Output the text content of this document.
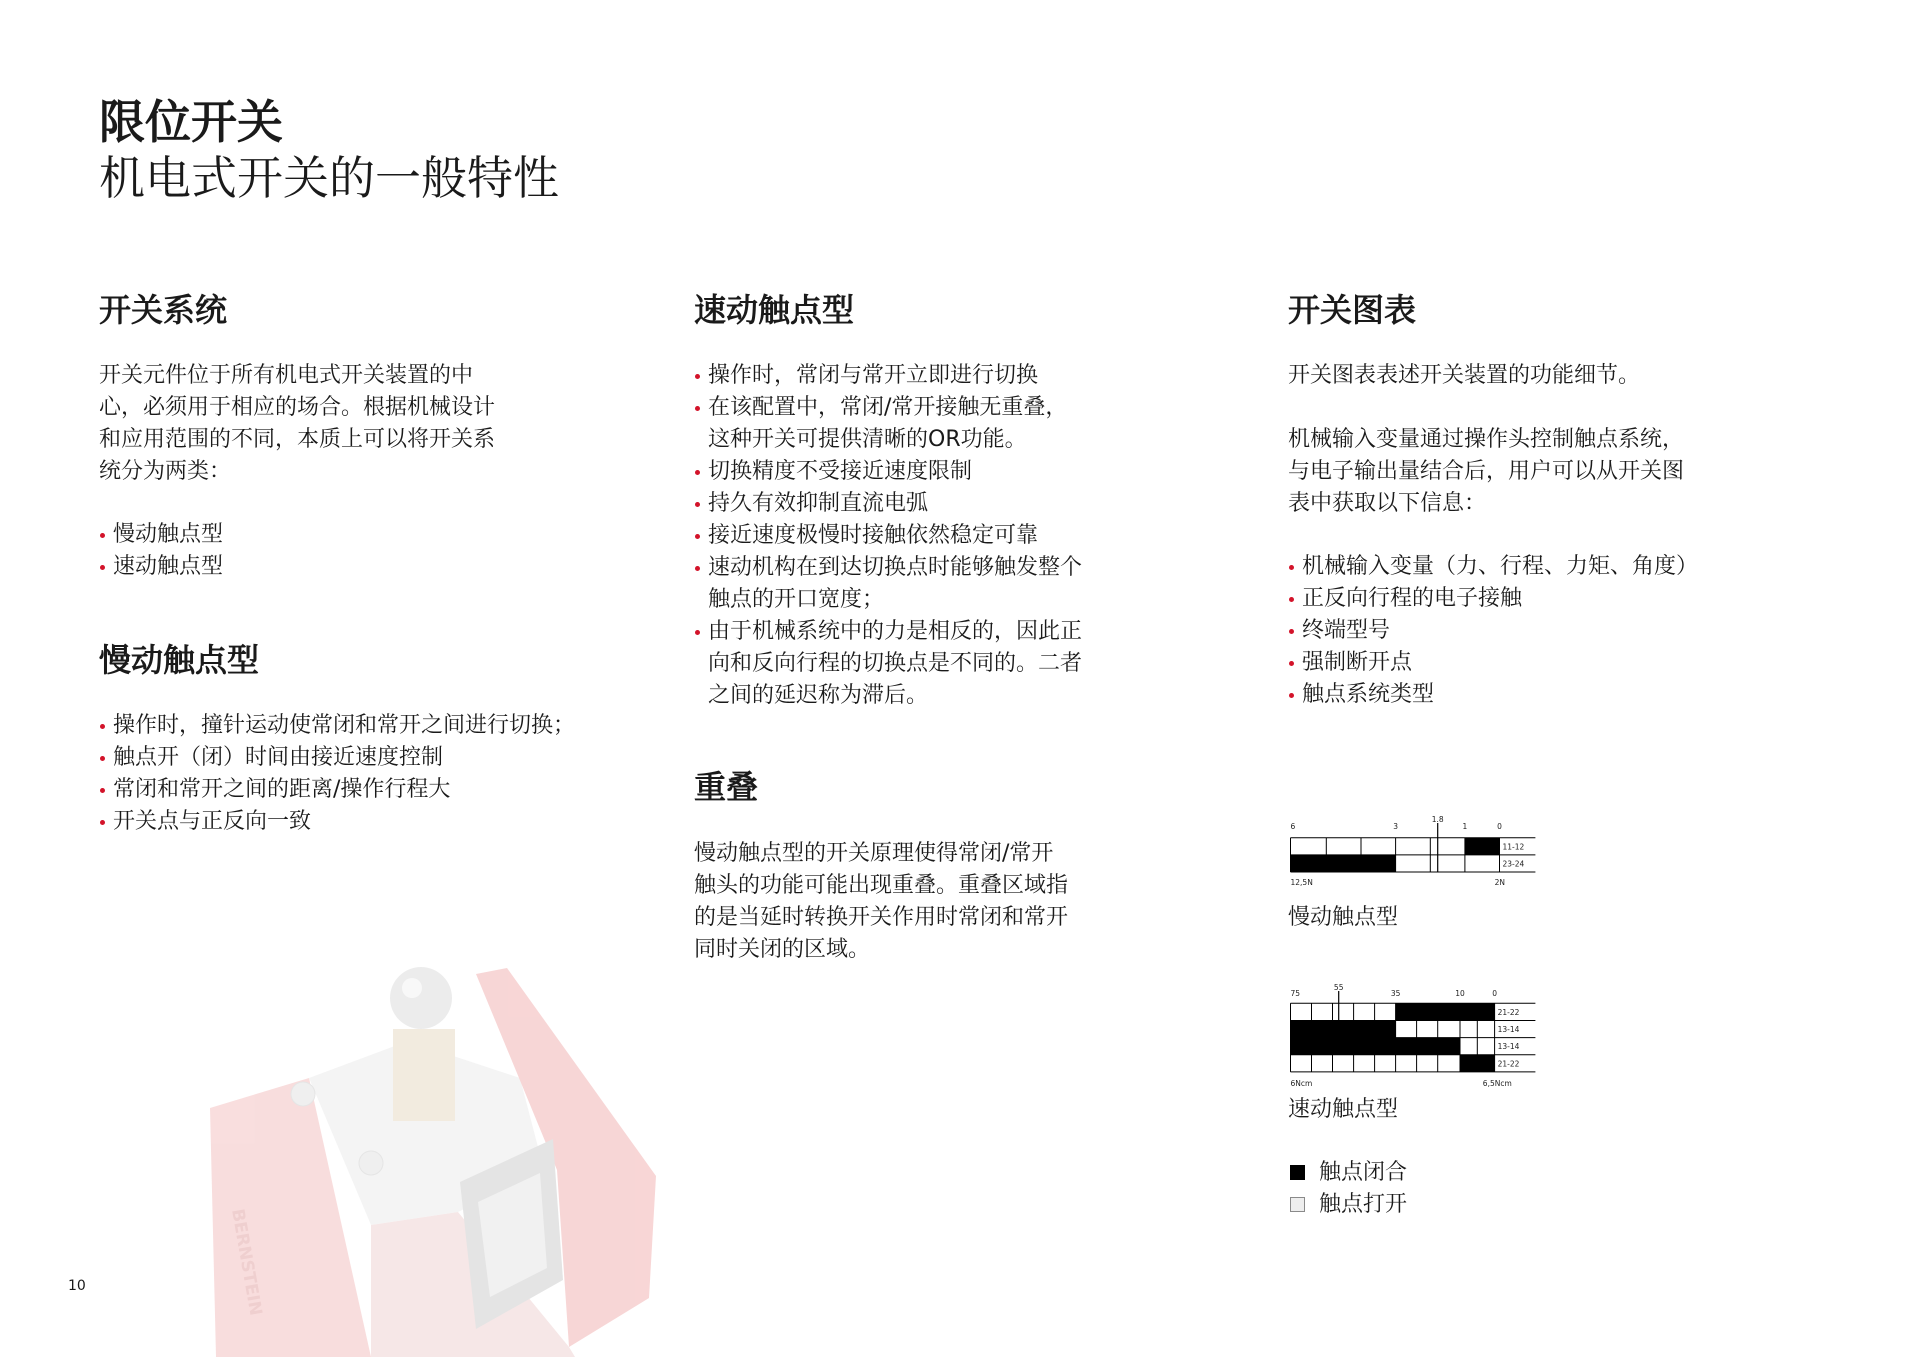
BERNSTEIN
限位开关
机电式开关的一般特性
开关系统
开关元件位于所有机电式开关装置的中
心，必须用于相应的场合。根据机械设计
和应用范围的不同，本质上可以将开关系
统分为两类：
慢动触点型
速动触点型
慢动触点型
操作时，撞针运动使常闭和常开之间进行切换；
触点开（闭）时间由接近速度控制
常闭和常开之间的距离/操作行程大
开关点与正反向一致
速动触点型
操作时，常闭与常开立即进行切换
在该配置中，常闭/常开接触无重叠，
这种开关可提供清晰的OR功能。
切换精度不受接近速度限制
持久有效抑制直流电弧
接近速度极慢时接触依然稳定可靠
速动机构在到达切换点时能够触发整个
触点的开口宽度；
由于机械系统中的力是相反的，因此正
向和反向行程的切换点是不同的。二者
之间的延迟称为滞后。
重叠
慢动触点型的开关原理使得常闭/常开
触头的功能可能出现重叠。重叠区域指
的是当延时转换开关作用时常闭和常开
同时关闭的区域。
开关图表
开关图表表述开关装置的功能细节。
机械输入变量通过操作头控制触点系统，
与电子输出量结合后，用户可以从开关图
表中获取以下信息：
机械输入变量（力、行程、力矩、角度）
正反向行程的电子接触
终端型号
强制断开点
触点系统类型
11-12
23-24
6	3
1.8
1	0
12,5N	2N
慢动触点型
21-22
13-14
13-14
21-22
75
55
35	10	0
6Ncm	6,5Ncm
速动触点型
触点闭合
触点打开
10
